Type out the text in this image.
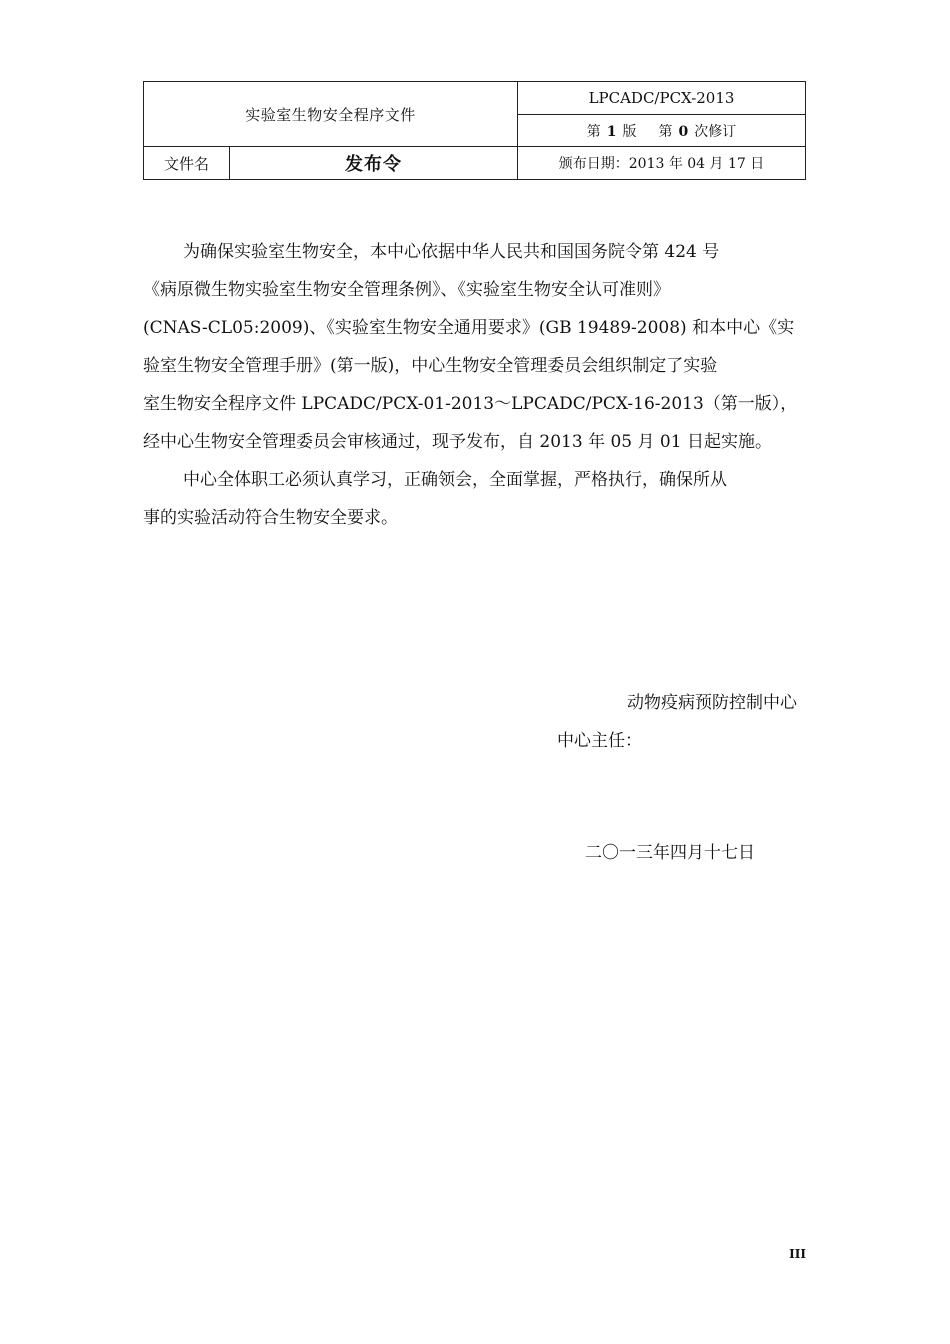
实验室生物安全程序文件		LPCADC/PCX-2013
		第 1 版 第 0 次修订
文件名	发布令	颁布日期：2013 年 04 月 17 日

为确保实验室生物安全，本中心依据中华人民共和国国务院令第 424 号
《病原微生物实验室生物安全管理条例》、《实验室生物安全认可准则》
(CNAS-CL05:2009)、《实验室生物安全通用要求》(GB 19489-2008) 和本中心《实
验室生物安全管理手册》(第一版)，中心生物安全管理委员会组织制定了实验
室生物安全程序文件 LPCADC/PCX-01-2013～LPCADC/PCX-16-2013（第一版），
经中心生物安全管理委员会审核通过，现予发布，自 2013 年 05 月 01 日起实施。

中心全体职工必须认真学习，正确领会，全面掌握，严格执行，确保所从
事的实验活动符合生物安全要求。

动物疫病预防控制中心
中心主任：
二〇一三年四月十七日
III
